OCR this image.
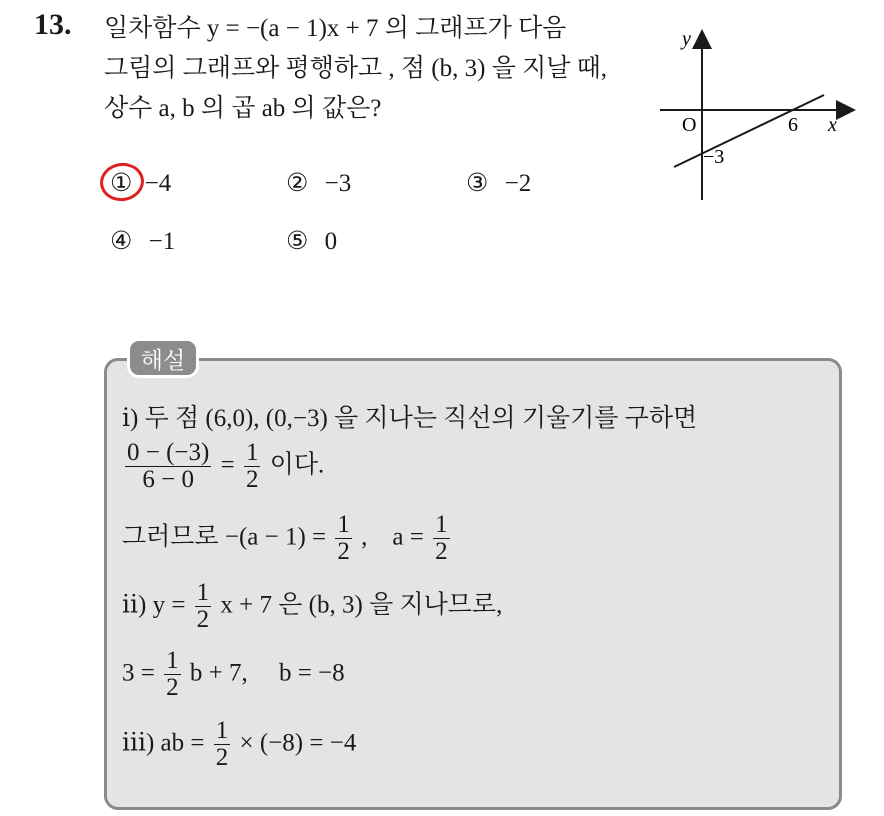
13. 일차함수 y = −(a − 1)x + 7 의 그래프가 다음
그림의 그래프와 평행하고 , 점 (b, 3) 을 지날 때,
상수 a, b 의 곱 ab 의 값은?
y
x
O	6
−3
① −4	② −3	③ −2
④ −1	⑤ 0
해설
ⅰ) 두 점 (6,0), (0,−3) 을 지나는 직선의 기울기를 구하면
$\frac{0 - (-3)}{6 - 0} = \frac{1}{2}$ 이다.
그러므로 $-(a - 1) = \frac{1}{2}$ ,    $a = \frac{1}{2}$
ⅱ) $y = \frac{1}{2}$ x + 7 은 (b, 3) 을 지나므로,
$3 = \frac{1}{2}$ b + 7,     b = −8
ⅲ) ab = $\frac{1}{2} \times (-8) = -4$
